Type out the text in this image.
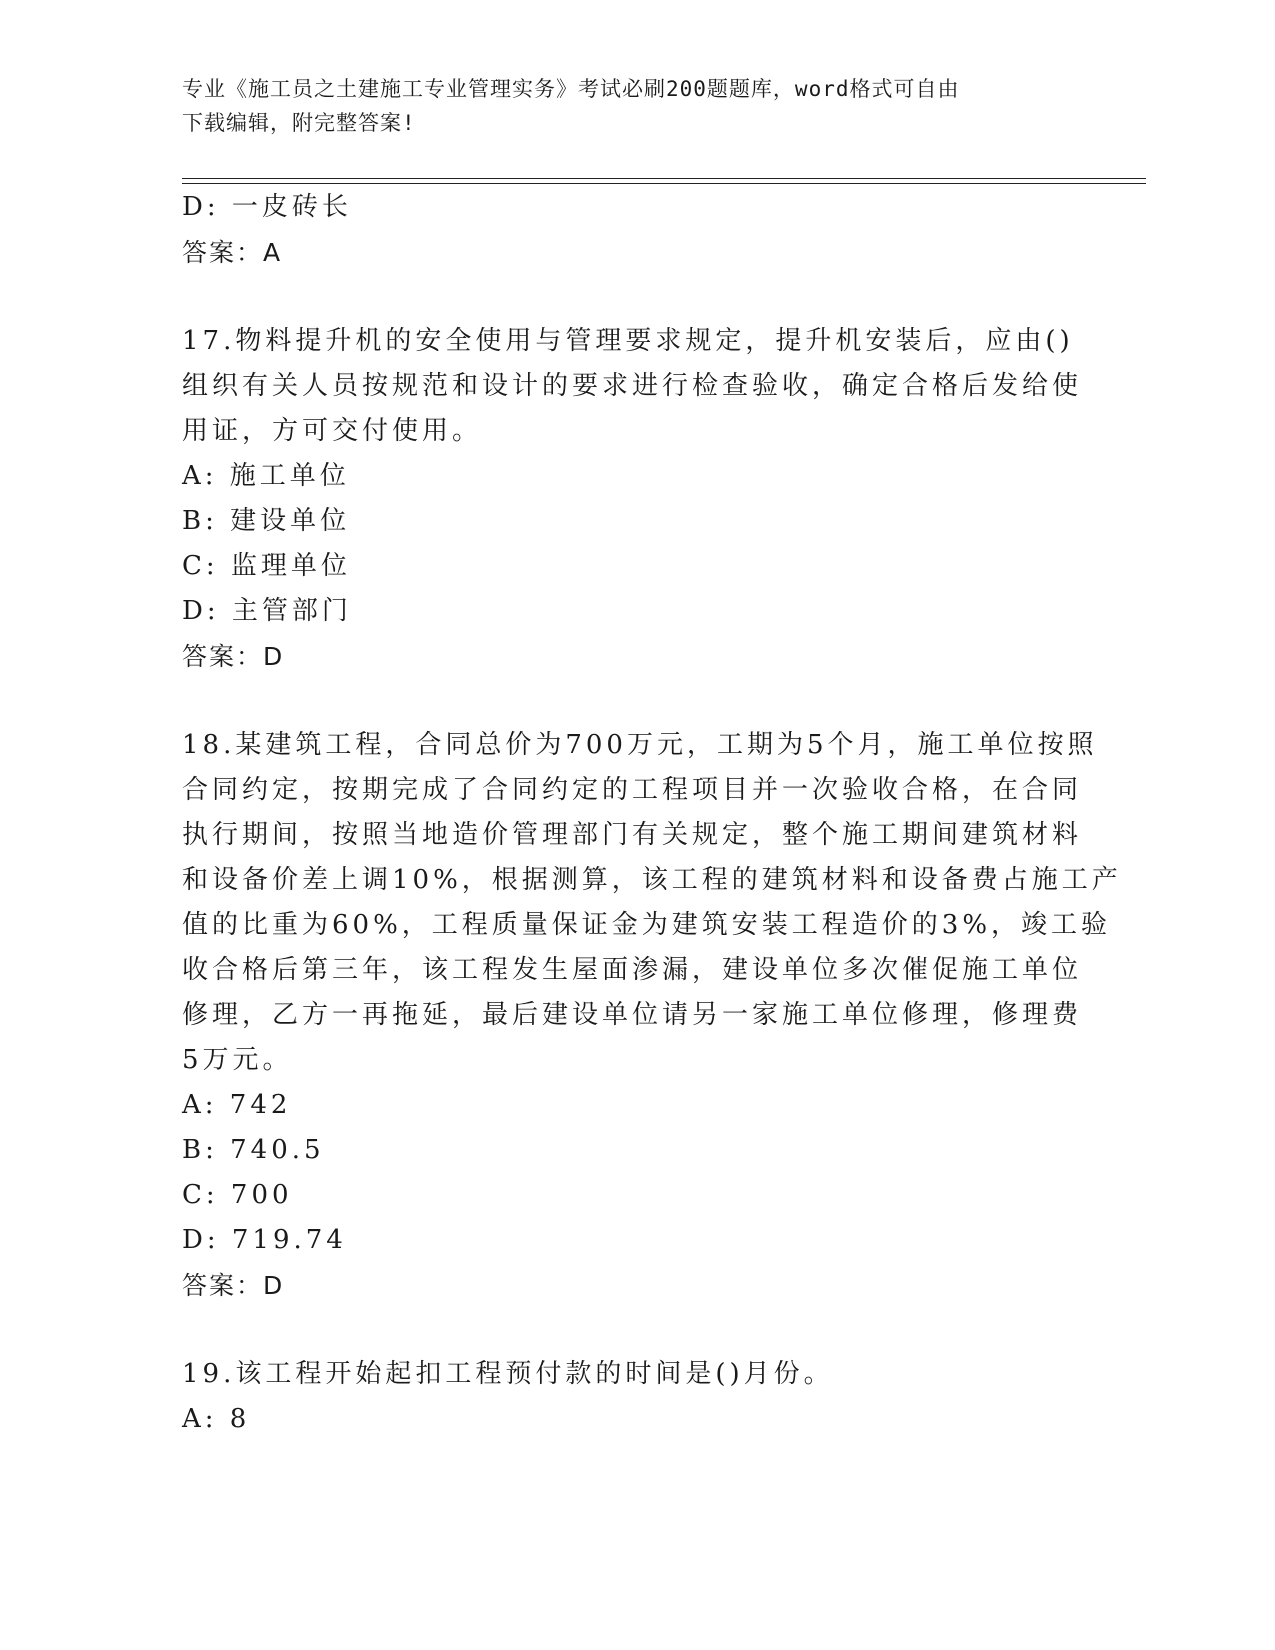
专业《施工员之土建施工专业管理实务》考试必刷200题题库，word格式可自由
下载编辑，附完整答案!
D: 一皮砖长
答案：A
17.物料提升机的安全使用与管理要求规定，提升机安装后，应由()
组织有关人员按规范和设计的要求进行检查验收，确定合格后发给使
用证，方可交付使用。
A: 施工单位
B: 建设单位
C: 监理单位
D: 主管部门
答案：D
18.某建筑工程，合同总价为700万元，工期为5个月，施工单位按照
合同约定，按期完成了合同约定的工程项目并一次验收合格，在合同
执行期间，按照当地造价管理部门有关规定，整个施工期间建筑材料
和设备价差上调10%，根据测算，该工程的建筑材料和设备费占施工产
值的比重为60%，工程质量保证金为建筑安装工程造价的3%，竣工验
收合格后第三年，该工程发生屋面渗漏，建设单位多次催促施工单位
修理，乙方一再拖延，最后建设单位请另一家施工单位修理，修理费
5万元。
A: 742
B: 740.5
C: 700
D: 719.74
答案：D
19.该工程开始起扣工程预付款的时间是()月份。
A: 8
